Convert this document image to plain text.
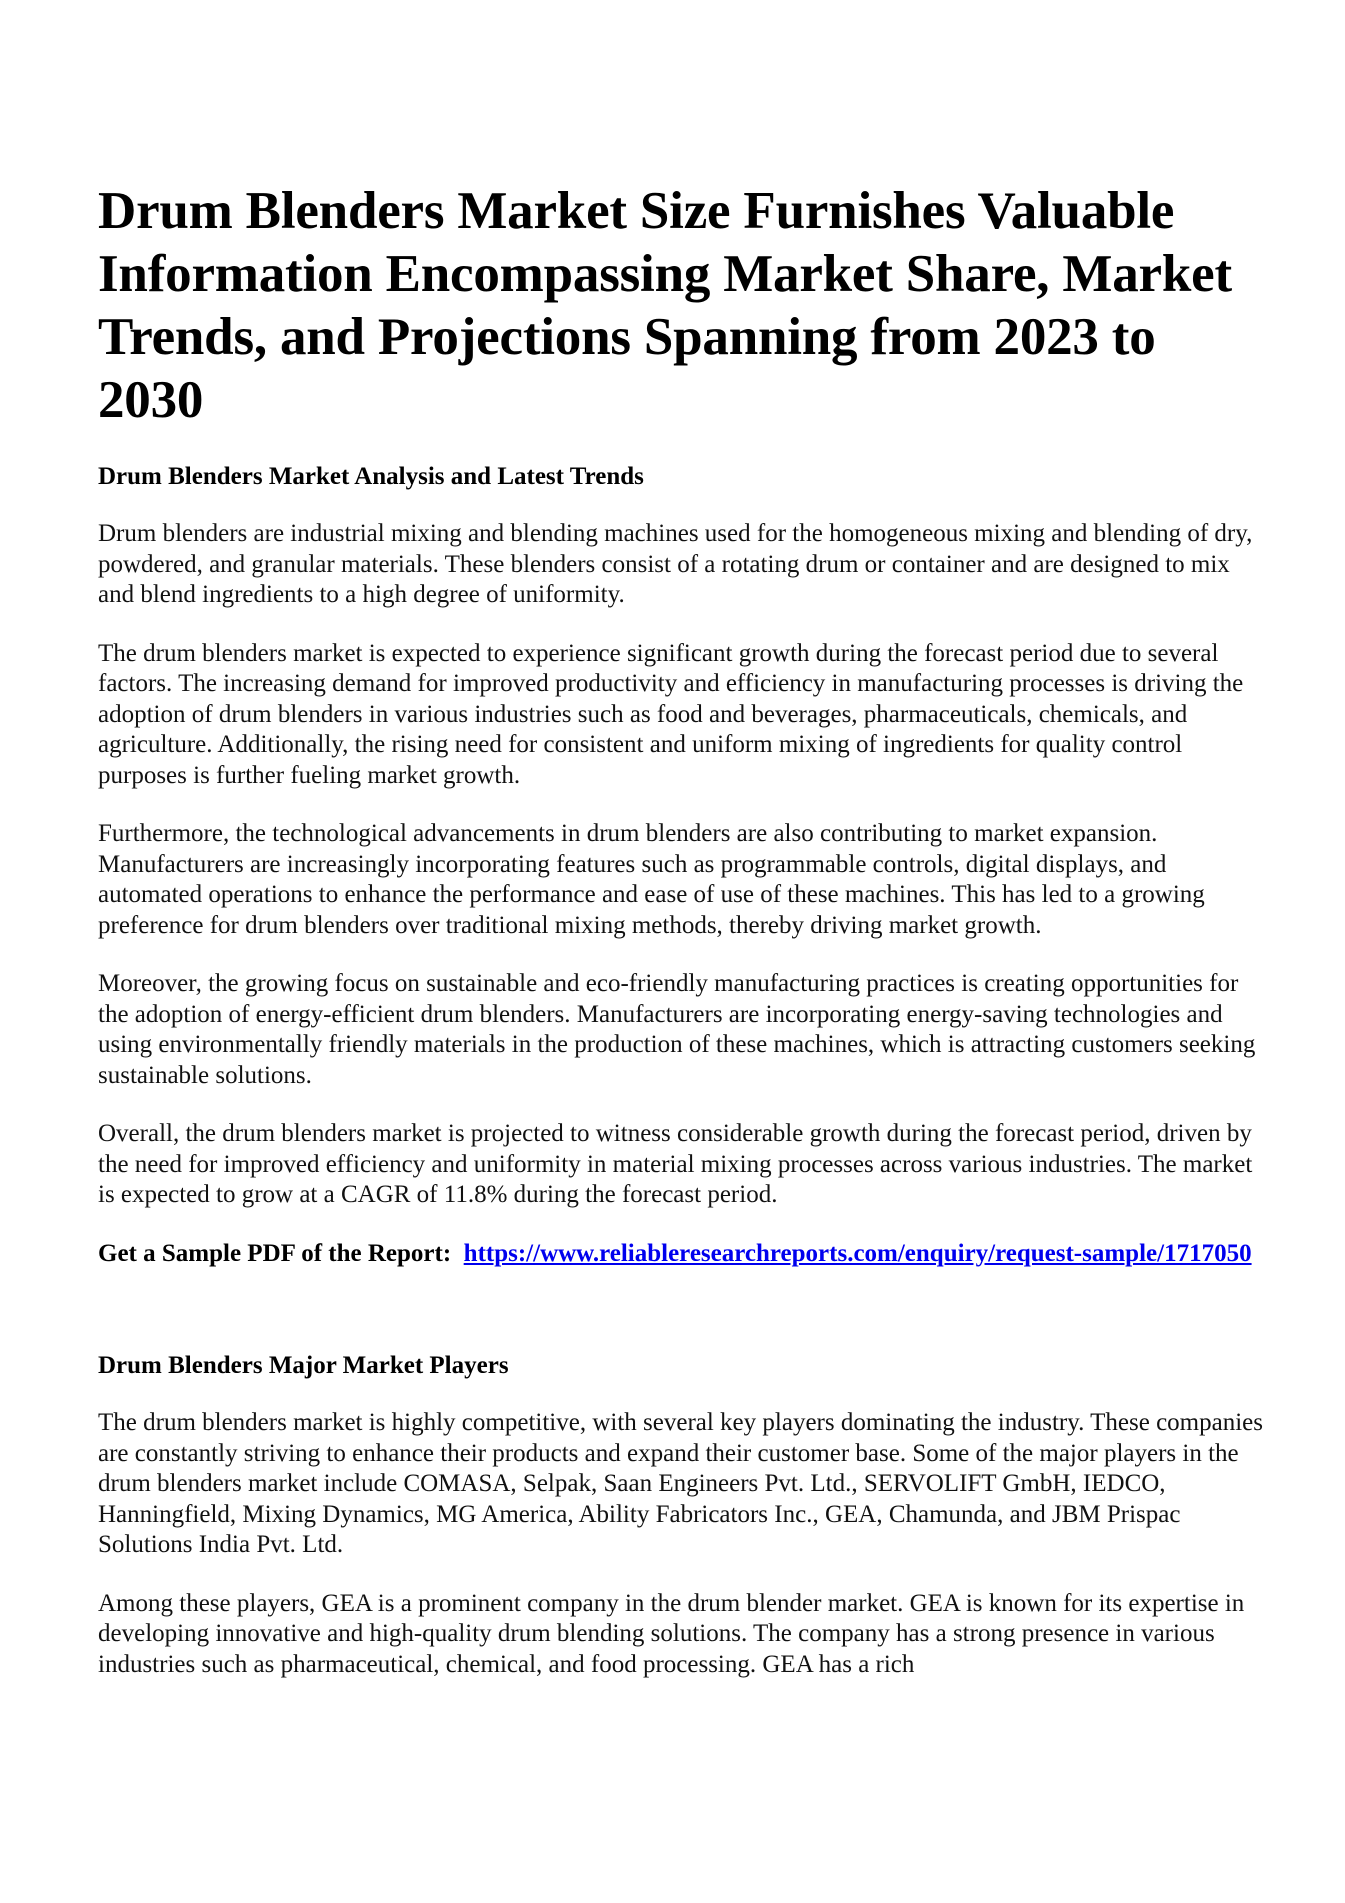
Drum Blenders Market Size Furnishes Valuable Information Encompassing Market Share, Market Trends, and Projections Spanning from 2023 to 2030
Drum Blenders Market Analysis and Latest Trends

Drum blenders are industrial mixing and blending machines used for the homogeneous mixing and blending of dry, powdered, and granular materials. These blenders consist of a rotating drum or container and are designed to mix and blend ingredients to a high degree of uniformity.

The drum blenders market is expected to experience significant growth during the forecast period due to several factors. The increasing demand for improved productivity and efficiency in manufacturing processes is driving the adoption of drum blenders in various industries such as food and beverages, pharmaceuticals, chemicals, and agriculture. Additionally, the rising need for consistent and uniform mixing of ingredients for quality control purposes is further fueling market growth.

Furthermore, the technological advancements in drum blenders are also contributing to market expansion. Manufacturers are increasingly incorporating features such as programmable controls, digital displays, and automated operations to enhance the performance and ease of use of these machines. This has led to a growing preference for drum blenders over traditional mixing methods, thereby driving market growth.

Moreover, the growing focus on sustainable and eco-friendly manufacturing practices is creating opportunities for the adoption of energy-efficient drum blenders. Manufacturers are incorporating energy-saving technologies and using environmentally friendly materials in the production of these machines, which is attracting customers seeking sustainable solutions.

Overall, the drum blenders market is projected to witness considerable growth during the forecast period, driven by the need for improved efficiency and uniformity in material mixing processes across various industries. The market is expected to grow at a CAGR of 11.8% during the forecast period.

Get a Sample PDF of the Report: https://www.reliableresearchreports.com/enquiry/request-sample/1717050

Drum Blenders Major Market Players

The drum blenders market is highly competitive, with several key players dominating the industry. These companies are constantly striving to enhance their products and expand their customer base. Some of the major players in the drum blenders market include COMASA, Selpak, Saan Engineers Pvt. Ltd., SERVOLIFT GmbH, IEDCO, Hanningfield, Mixing Dynamics, MG America, Ability Fabricators Inc., GEA, Chamunda, and JBM Prispac Solutions India Pvt. Ltd.

Among these players, GEA is a prominent company in the drum blender market. GEA is known for its expertise in developing innovative and high-quality drum blending solutions. The company has a strong presence in various industries such as pharmaceutical, chemical, and food processing. GEA has a rich
